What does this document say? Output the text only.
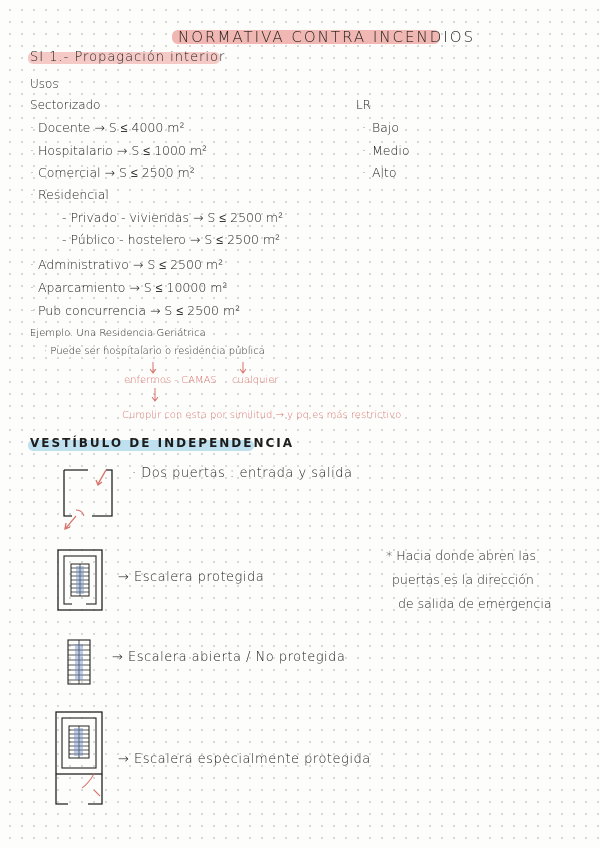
NORMATIVA CONTRA INCENDIOS
SI 1.- Propagación interior
Usos
Sectorizado	LR
Docente → S ≤ 4000 m²
Hospitalario → S ≤ 1000 m²
Comercial → S ≤ 2500 m²
Residencial
- Privado - viviendas → S ≤ 2500 m²
- Público - hostelero → S ≤ 2500 m²
Administrativo → S ≤ 2500 m²
Aparcamiento → S ≤ 10000 m²
Pub concurrencia → S ≤ 2500 m²
·
·
·
·
·
·
·
· Bajo
· Medio
· Alto
Ejemplo. Una Residencia Geriátrica
· Puede ser hospitalario o residencia pública
enfermos - CAMAS cualquier
Cumplir con esta por similitud → y pq es más restrictivo
VESTÍBULO DE INDEPENDENCIA
· Dos puertas : entrada y salida
→ Escalera protegida
→ Escalera abierta / No protegida
→ Escalera especialmente protegida
* Hacia donde abren las
puertas es la dirección
de salida de emergencia
